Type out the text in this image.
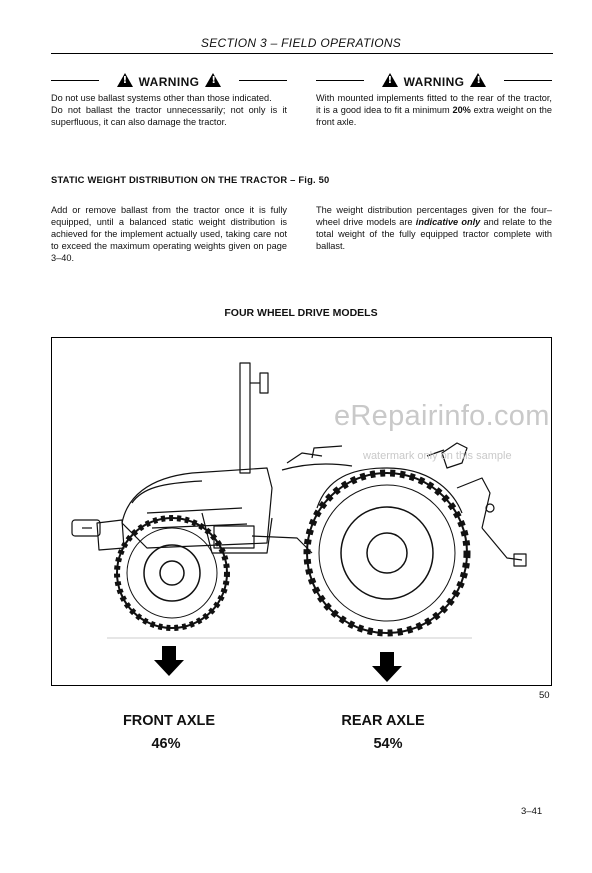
SECTION 3 – FIELD OPERATIONS
!WARNING!

Do not use ballast systems other than those indicated.

Do not ballast the tractor unnecessarily; not only is it superfluous, it can also damage the tractor.

!WARNING!

With mounted implements fitted to the rear of the tractor, it is a good idea to fit a minimum 20% extra weight on the front axle.

STATIC WEIGHT DISTRIBUTION ON THE TRACTOR – Fig. 50

Add or remove ballast from the tractor once it is fully equipped, until a balanced static weight distribution is achieved for the implement actually used, taking care not to exceed the maximum operating weights given on page 3–40.

The weight distribution percentages given for the four–wheel drive models are indicative only and relate to the total weight of the fully equipped tractor complete with ballast.

FOUR WHEEL DRIVE MODELS
eRepairinfo.com
watermark only on this sample
50
FRONT AXLE
46%
REAR AXLE
54%
3–41
